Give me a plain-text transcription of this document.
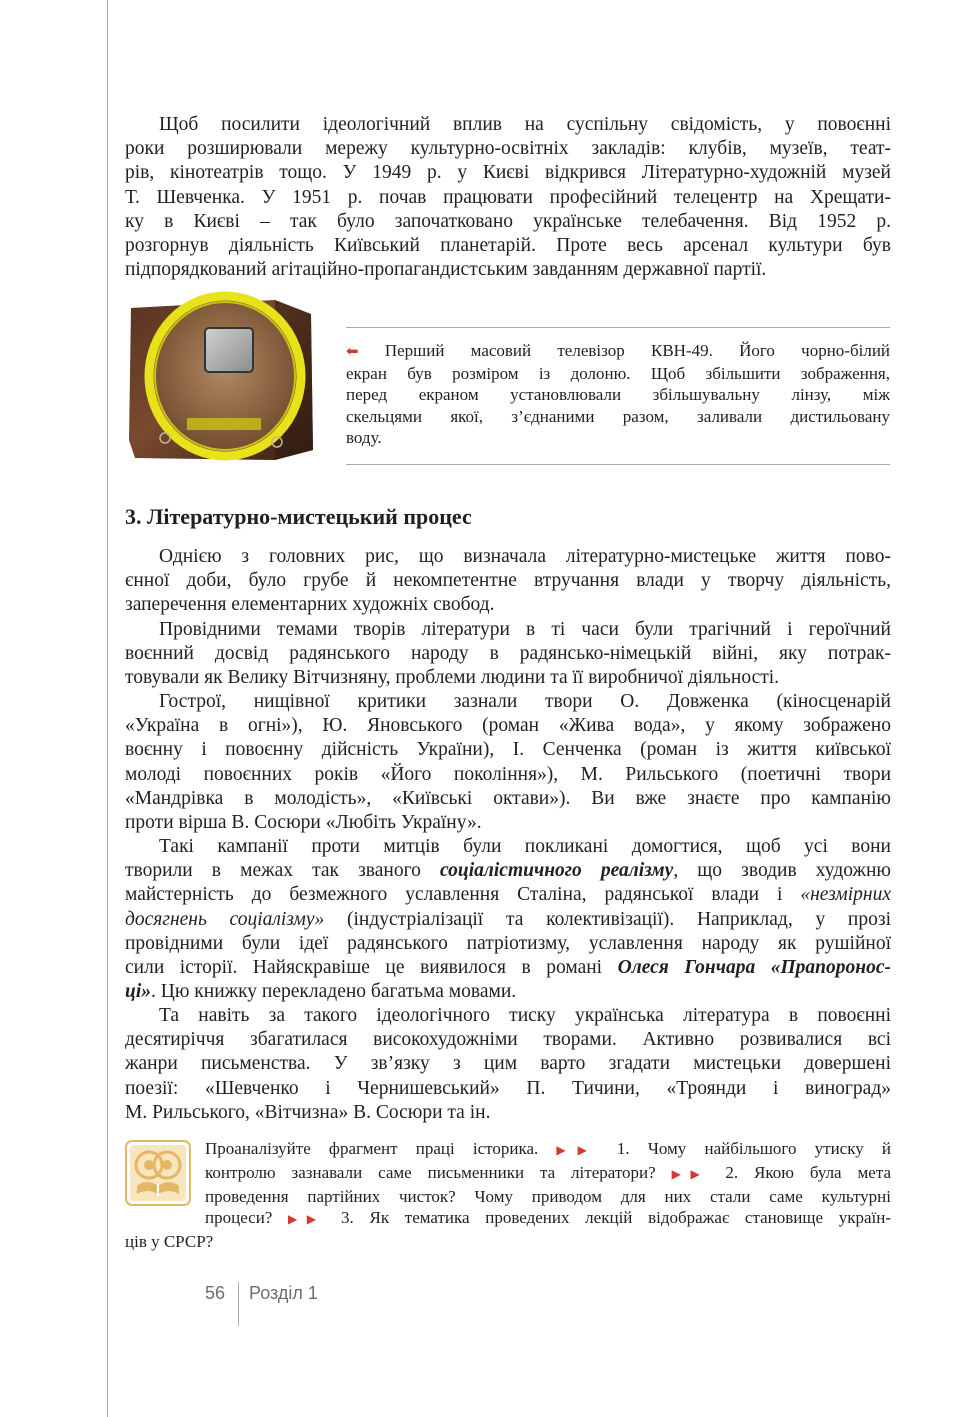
Щоб посилити ідеологічний вплив на суспільну свідомість, у повоєнні
роки розширювали мережу культурно-освітніх закладів: клубів, музеїв, теат-
рів, кінотеатрів тощо. У 1949 р. у Києві відкрився Літературно-художній музей
Т. Шевченка. У 1951 р. почав працювати професійний телецентр на Хрещати-
ку в Києві – так було започатковано українське телебачення. Від 1952 р.
розгорнув діяльність Київський планетарій. Проте весь арсенал культури був
підпорядкований агітаційно-пропагандистським завданням державної партії.

⬅ Перший масовий телевізор КВН-49. Його чорно-білий
екран був розміром із долоню. Щоб збільшити зображення,
перед екраном установлювали збільшувальну лінзу, між
скельцями якої, з’єднаними разом, заливали дистильовану
воду.

3. Літературно-мистецький процес

Однією з головних рис, що визначала літературно-мистецьке життя пово-
єнної доби, було грубе й некомпетентне втручання влади у творчу діяльність,
заперечення елементарних художніх свобод.

Провідними темами творів літератури в ті часи були трагічний і героїчний
воєнний досвід радянського народу в радянсько-німецькій війні, яку потрак-
товували як Велику Вітчизняну, проблеми людини та її виробничої діяльності.

Гострої, нищівної критики зазнали твори О. Довженка (кіносценарій
«Україна в огні»), Ю. Яновського (роман «Жива вода», у якому зображено
воєнну і повоєнну дійсність України), І. Сенченка (роман із життя київської
молоді повоєнних років «Його покоління»), М. Рильського (поетичні твори
«Мандрівка в молодість», «Київські октави»). Ви вже знаєте про кампанію
проти вірша В. Сосюри «Любіть Україну».

Такі кампанії проти митців були покликані домогтися, щоб усі вони
творили в межах так званого соціалістичного реалізму, що зводив художню
майстерність до безмежного уславлення Сталіна, радянської влади і «незмірних
досягнень соціалізму» (індустріалізації та колективізації). Наприклад, у прозі
провідними були ідеї радянського патріотизму, уславлення народу як рушійної
сили історії. Найяскравіше це виявилося в романі Олеся Гончара «Прапоронос-
ці». Цю книжку перекладено багатьма мовами.

Та навіть за такого ідеологічного тиску українська література в повоєнні
десятиріччя збагатилася високохудожніми творами. Активно розвивалися всі
жанри письменства. У зв’язку з цим варто згадати мистецьки довершені
поезії: «Шевченко і Чернишевський» П. Тичини, «Троянди і виноград»
М. Рильського, «Вітчизна» В. Сосюри та ін.

Проаналізуйте фрагмент праці історика. ▶▶ 1. Чому найбільшого утиску й
контролю зазнавали саме письменники та літератори? ▶▶ 2. Якою була мета
проведення партійних чисток? Чому приводом для них стали саме культурні
процеси? ▶▶ 3. Як тематика проведених лекцій відображає становище україн-
ців у СРСР?

56 Розділ 1
